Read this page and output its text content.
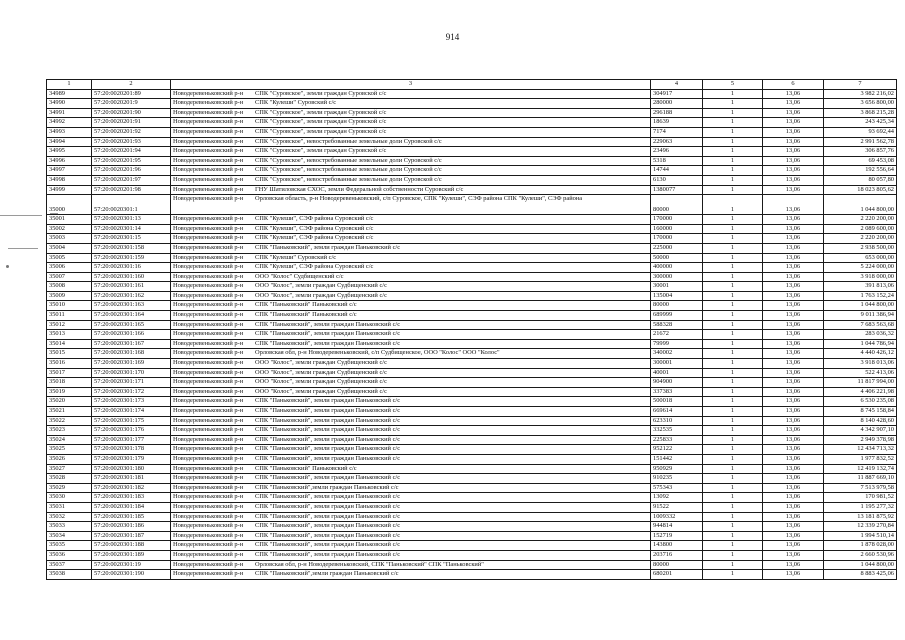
914
1	2	3	4	5	6	7
34989	57:20:0020201:89	Новодеревеньковский р-н СПК "Суровское", земли граждан Суровской с/с	304917	1	13,06	3 982 216,02
34990	57:20:0020201:9	Новодеревеньковский р-н СПК "Кулеши" Суровский с/с	280000	1	13,06	3 656 800,00
34991	57:20:0020201:90	Новодеревеньковский р-н СПК "Суровское", земли граждан Суровской с/с	296188	1	13,06	3 868 215,28
34992	57:20:0020201:91	Новодеревеньковский р-н СПК "Суровское", земли граждан Суровской с/с	18639	1	13,06	243 425,34
34993	57:20:0020201:92	Новодеревеньковский р-н СПК "Суровское", земли граждан Суровской с/с	7174	1	13,06	93 692,44
34994	57:20:0020201:93	Новодеревеньковский р-н СПК "Суровское", невостребованные земельные доли Суровской с/с	229063	1	13,06	2 991 562,78
34995	57:20:0020201:94	Новодеревеньковский р-н СПК "Суровское", земли граждан Суровской с/с	23496	1	13,06	306 857,76
34996	57:20:0020201:95	Новодеревеньковский р-н СПК "Суровское", невостребованные земельные доли Суровской с/с	5318	1	13,06	69 453,08
34997	57:20:0020201:96	Новодеревеньковский р-н СПК "Суровское", невостребованные земельные доли Суровской с/с	14744	1	13,06	192 556,64
34998	57:20:0020201:97	Новодеревеньковский р-н СПК "Суровское", невостребованные земельные доли Суровской с/с	6130	1	13,06	80 057,80
34999	57:20:0020201:98	Новодеревеньковский р-н ГНУ Шатиловская СХОС, земли Федеральной собственности Суровский с/с	1380077	1	13,06	18 023 805,62
35000	57:20:0020301:1	Новодеревеньковский р-н Орловская область, р-н Новодеревеньковский, с/п Суровское, СПК "Кулеши", СЭФ района СПК "Кулеши", СЭФ района	80000	1	13,06	1 044 800,00
35001	57:20:0020301:13	Новодеревеньковский р-н СПК "Кулеши", СЭФ района Суровский с/с	170000	1	13,06	2 220 200,00
35002	57:20:0020301:14	Новодеревеньковский р-н СПК "Кулеши", СЭФ района Суровский с/с	160000	1	13,06	2 089 600,00
35003	57:20:0020301:15	Новодеревеньковский р-н СПК "Кулеши", СЭФ района Суровский с/с	170000	1	13,06	2 220 200,00
35004	57:20:0020301:158	Новодеревеньковский р-н СПК "Паньковский", земли граждан Паньковский с/с	225000	1	13,06	2 938 500,00
35005	57:20:0020301:159	Новодеревеньковский р-н СПК "Кулеши" Суровский с/с	50000	1	13,06	653 000,00
35006	57:20:0020301:16	Новодеревеньковский р-н СПК "Кулеши", СЭФ района Суровский с/с	400000	1	13,06	5 224 000,00
35007	57:20:0020301:160	Новодеревеньковский р-н ООО "Колос" Судбищенский с/с	300000	1	13,06	3 918 000,00
35008	57:20:0020301:161	Новодеревеньковский р-н ООО "Колос", земли граждан Судбищенский с/с	30001	1	13,06	391 813,06
35009	57:20:0020301:162	Новодеревеньковский р-н ООО "Колос", земли граждан Судбищенский с/с	135004	1	13,06	1 763 152,24
35010	57:20:0020301:163	Новодеревеньковский р-н СПК "Паньковский" Паньковский с/с	80000	1	13,06	1 044 800,00
35011	57:20:0020301:164	Новодеревеньковский р-н СПК "Паньковский" Паньковский с/с	689999	1	13,06	9 011 386,94
35012	57:20:0020301:165	Новодеревеньковский р-н СПК "Паньковский", земли граждан Паньковский с/с	588328	1	13,06	7 683 563,68
35013	57:20:0020301:166	Новодеревеньковский р-н СПК "Паньковский", земли граждан Паньковский с/с	21672	1	13,06	283 036,32
35014	57:20:0020301:167	Новодеревеньковский р-н СПК "Паньковский", земли граждан Паньковский с/с	79999	1	13,06	1 044 786,94
35015	57:20:0020301:168	Новодеревеньковский р-н Орловская обл, р-н Новодеревеньковский, с/п Судбищенское, ООО "Колос" ООО "Колос"	340002	1	13,06	4 440 426,12
35016	57:20:0020301:169	Новодеревеньковский р-н ООО "Колос", земли граждан Судбищенский с/с	300001	1	13,06	3 918 013,06
35017	57:20:0020301:170	Новодеревеньковский р-н ООО "Колос", земли граждан Судбищенский с/с	40001	1	13,06	522 413,06
35018	57:20:0020301:171	Новодеревеньковский р-н ООО "Колос", земли граждан Судбищенский с/с	904900	1	13,06	11 817 994,00
35019	57:20:0020301:172	Новодеревеньковский р-н ООО "Колос", земли граждан Судбищенский с/с	337383	1	13,06	4 406 221,98
35020	57:20:0020301:173	Новодеревеньковский р-н СПК "Паньковский", земли граждан Паньковский с/с	500018	1	13,06	6 530 235,08
35021	57:20:0020301:174	Новодеревеньковский р-н СПК "Паньковский", земли граждан Паньковский с/с	669614	1	13,06	8 745 158,84
35022	57:20:0020301:175	Новодеревеньковский р-н СПК "Паньковский", земли граждан Паньковский с/с	623310	1	13,06	8 140 428,60
35023	57:20:0020301:176	Новодеревеньковский р-н СПК "Паньковский", земли граждан Паньковский с/с	332535	1	13,06	4 342 907,10
35024	57:20:0020301:177	Новодеревеньковский р-н СПК "Паньковский", земли граждан Паньковский с/с	225833	1	13,06	2 949 378,98
35025	57:20:0020301:178	Новодеревеньковский р-н СПК "Паньковский", земли граждан Паньковский с/с	952122	1	13,06	12 434 713,32
35026	57:20:0020301:179	Новодеревеньковский р-н СПК "Паньковский", земли граждан Паньковский с/с	151442	1	13,06	1 977 832,52
35027	57:20:0020301:180	Новодеревеньковский р-н СПК "Паньковский" Паньковский с/с	950929	1	13,06	12 419 132,74
35028	57:20:0020301:181	Новодеревеньковский р-н СПК "Паньковский", земли граждан Паньковский с/с	910235	1	13,06	11 887 669,10
35029	57:20:0020301:182	Новодеревеньковский р-н СПК "Паньковский",земли граждан Паньковский с/с	575343	1	13,06	7 513 979,58
35030	57:20:0020301:183	Новодеревеньковский р-н СПК "Паньковский", земли граждан Паньковский с/с	13092	1	13,06	170 981,52
35031	57:20:0020301:184	Новодеревеньковский р-н СПК "Паньковский", земли граждан Паньковский с/с	91522	1	13,06	1 195 277,32
35032	57:20:0020301:185	Новодеревеньковский р-н СПК "Паньковский", земли граждан Паньковский с/с	1009332	1	13,06	13 181 875,92
35033	57:20:0020301:186	Новодеревеньковский р-н СПК "Паньковский", земли граждан Паньковский с/с	944814	1	13,06	12 339 270,84
35034	57:20:0020301:187	Новодеревеньковский р-н СПК "Паньковский", земли граждан Паньковский с/с	152719	1	13,06	1 994 510,14
35035	57:20:0020301:188	Новодеревеньковский р-н СПК "Паньковский", земли граждан Паньковский с/с	143800	1	13,06	1 878 028,00
35036	57:20:0020301:189	Новодеревеньковский р-н СПК "Паньковский", земли граждан Паньковский с/с	203716	1	13,06	2 660 530,96
35037	57:20:0020301:19	Новодеревеньковский р-н Орловская обл, р-н Новодеревеньковский, СПК "Паньковский" СПК "Паньковский"	80000	1	13,06	1 044 800,00
35038	57:20:0020301:190	Новодеревеньковский р-н СПК "Паньковский",земли граждан Паньковский с/с	680201	1	13,06	8 883 425,06
